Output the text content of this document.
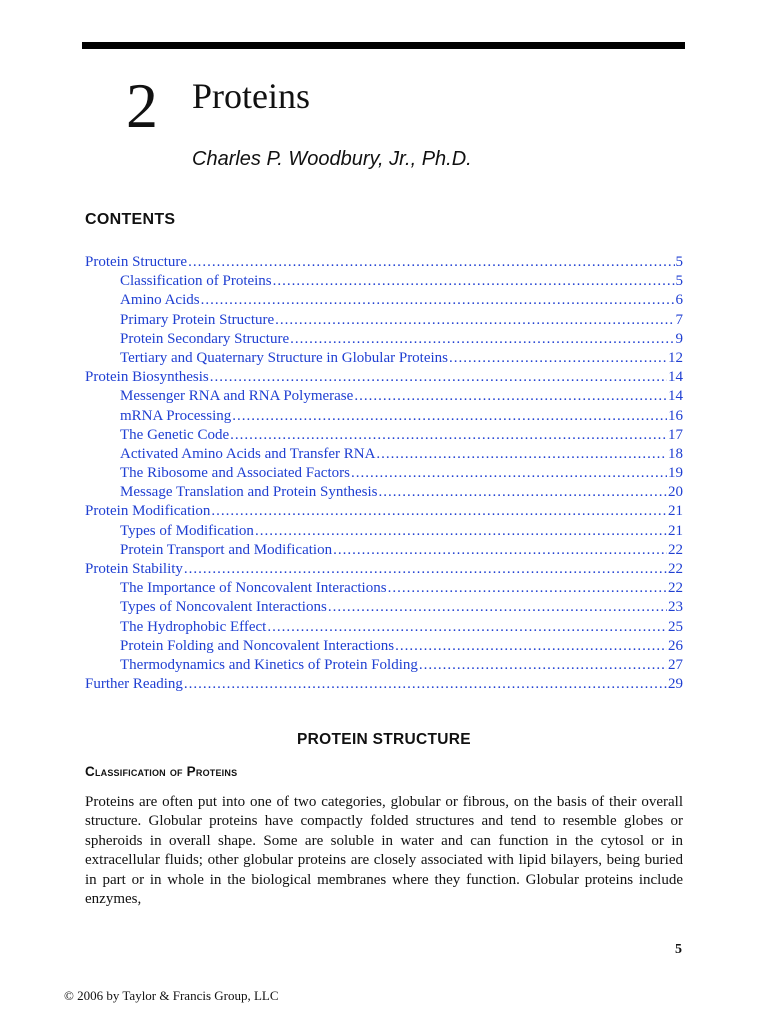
2 Proteins
Charles P. Woodbury, Jr., Ph.D.
CONTENTS
Protein Structure .....	5
Classification of Proteins .....	5
Amino Acids .....	6
Primary Protein Structure .....	7
Protein Secondary Structure .....	9
Tertiary and Quaternary Structure in Globular Proteins .....	12
Protein Biosynthesis .....	14
Messenger RNA and RNA Polymerase .....	14
mRNA Processing .....	16
The Genetic Code .....	17
Activated Amino Acids and Transfer RNA .....	18
The Ribosome and Associated Factors .....	19
Message Translation and Protein Synthesis .....	20
Protein Modification .....	21
Types of Modification .....	21
Protein Transport and Modification .....	22
Protein Stability .....	22
The Importance of Noncovalent Interactions .....	22
Types of Noncovalent Interactions .....	23
The Hydrophobic Effect .....	25
Protein Folding and Noncovalent Interactions .....	26
Thermodynamics and Kinetics of Protein Folding .....	27
Further Reading .....	29
PROTEIN STRUCTURE
Classification of Proteins

Proteins are often put into one of two categories, globular or fibrous, on the basis of their overall structure. Globular proteins have compactly folded structures and tend to resemble globes or spheroids in overall shape. Some are soluble in water and can function in the cytosol or in extracellular fluids; other globular proteins are closely associated with lipid bilayers, being buried in part or in whole in the biological membranes where they function. Globular proteins include enzymes,

5
© 2006 by Taylor & Francis Group, LLC
